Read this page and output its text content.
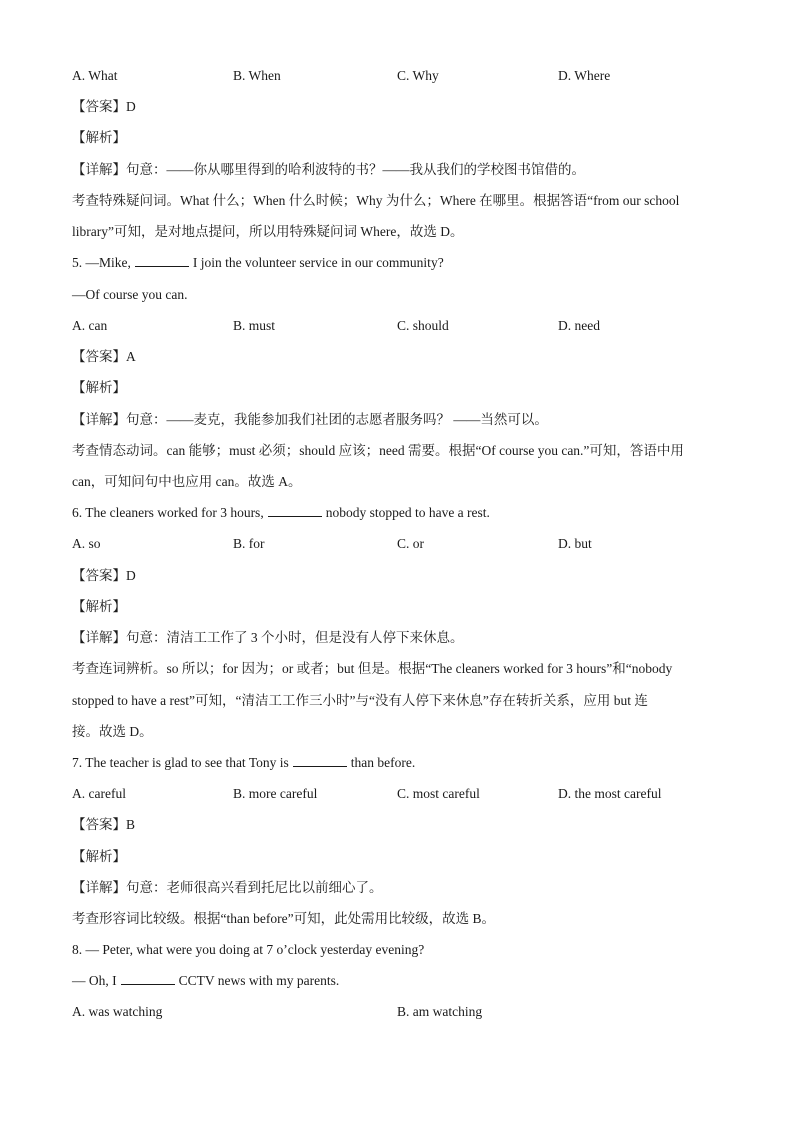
A. What	B. When	C. Why	D. Where
【答案】D
【解析】
【详解】句意：——你从哪里得到的哈利波特的书？——我从我们的学校图书馆借的。
考查特殊疑问词。What 什么；When 什么时候；Why 为什么；Where 在哪里。根据答语“from our school
library”可知，是对地点提问，所以用特殊疑问词 Where，故选 D。
5. —Mike,	I join the volunteer service in our community?
—Of course you can.
A. can	B. must	C. should	D. need
【答案】A
【解析】
【详解】句意：——麦克，我能参加我们社团的志愿者服务吗？ ——当然可以。
考查情态动词。can 能够；must 必须；should 应该；need 需要。根据“Of course you can.”可知，答语中用
can，可知问句中也应用 can。故选 A。
6. The cleaners worked for 3 hours,	nobody stopped to have a rest.
A. so	B. for	C. or	D. but
【答案】D
【解析】
【详解】句意：清洁工工作了 3 个小时，但是没有人停下来休息。
考查连词辨析。so 所以；for 因为；or 或者；but 但是。根据“The cleaners worked for 3 hours”和“nobody
stopped to have a rest”可知，“清洁工工作三小时”与“没有人停下来休息”存在转折关系，应用 but 连
接。故选 D。
7. The teacher is glad to see that Tony is	than before.
A. careful	B. more careful	C. most careful	D. the most careful
【答案】B
【解析】
【详解】句意：老师很高兴看到托尼比以前细心了。
考查形容词比较级。根据“than before”可知，此处需用比较级，故选 B。
8. — Peter, what were you doing at 7 o’clock yesterday evening?
— Oh, I	CCTV news with my parents.
A. was watching	B. am watching
